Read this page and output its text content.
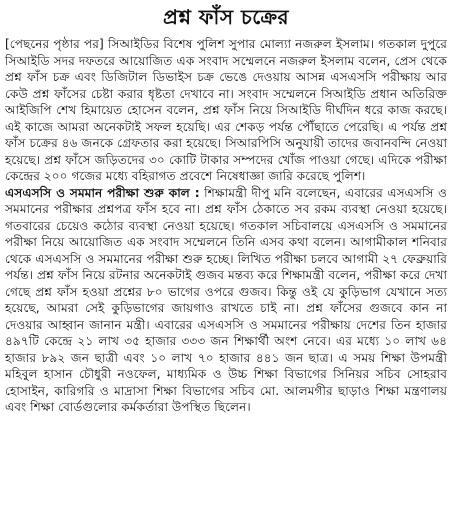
প্রশ্ন ফাঁস চক্রের

[পেছনের পৃষ্ঠার পর] সিআইডির বিশেষ পুলিশ সুপার মোল্যা নজরুল ইসলাম। গতকাল দুপুরে সিআইডি সদর দফতরে আয়োজিত এক সংবাদ সম্মেলনে নজরুল ইসলাম বলেন, প্রেস থেকে প্রশ্ন ফাঁস চক্র এবং ডিজিটাল ডিভাইস চক্র ভেঙে দেওয়ায় আসন্ন এসএসসি পরীক্ষায় আর কেউ প্রশ্ন ফাঁসের চেষ্টা করার ধৃষ্টতা দেখাবে না। সংবাদ সম্মেলনে সিআইডি প্রধান অতিরিক্ত আইজিপি শেখ হিমায়েত হোসেন বলেন, প্রশ্ন ফাঁস নিয়ে সিআইডি দীর্ঘদিন ধরে কাজ করছে। এই কাজে আমরা অনেকটাই সফল হয়েছি। এর শেকড় পর্যন্ত পৌঁছাতে পেরেছি। এ পর্যন্ত প্রশ্ন ফাঁস চক্রের ৪৬ জনকে গ্রেফতার করা হয়েছে। সিআরপিসি অনুযায়ী তাদের জবানবন্দি নেওয়া হয়েছে। প্রশ্ন ফাঁসে জড়িতদের ৩০ কোটি টাকার সম্পদের খোঁজ পাওয়া গেছে। এদিকে পরীক্ষা কেন্দ্রের ২০০ গজের মধ্যে বহিরাগত প্রবেশে নিষেধাজ্ঞা জারি করেছে পুলিশ।

এসএসসি ও সমমান পরীক্ষা শুরু কাল : শিক্ষামন্ত্রী দীপু মনি বলেছেন, এবারের এসএসসি ও সমমানের পরীক্ষার প্রশ্নপত্র ফাঁস হবে না। প্রশ্ন ফাঁস ঠেকাতে সব রকম ব্যবস্থা নেওয়া হয়েছে। গতবারের চেয়েও কঠোর ব্যবস্থা নেওয়া হয়েছে। গতকাল সচিবালয়ে এসএসসি ও সমমানের পরীক্ষা নিয়ে আয়োজিত এক সংবাদ সম্মেলনে তিনি এসব কথা বলেন। আগামীকাল শনিবার থেকে এসএসসি ও সমমানের পরীক্ষা শুরু হচ্ছে। লিখিত পরীক্ষা চলবে আগামী ২৭ ফেব্রুয়ারি পর্যন্ত। প্রশ্ন ফাঁস নিয়ে রটনার অনেকটাই গুজব মন্তব্য করে শিক্ষামন্ত্রী বলেন, পরীক্ষা করে দেখা গেছে প্রশ্ন ফাঁস হওয়া প্রশ্নের ৮০ ভাগের ওপরে গুজব। কিন্তু ওই যে কুড়িভাগ যেখানে সত্য হয়েছে, আমরা সেই কুড়িভাগের জায়গাও রাখতে চাই না। প্রশ্ন ফাঁসের গুজবে কান না দেওয়ার আহ্বান জানান মন্ত্রী। এবারের এসএসসি ও সমমানের পরীক্ষায় দেশের তিন হাজার ৪৯৭টি কেন্দ্রে ২১ লাখ ৩৫ হাজার ৩৩৩ জন শিক্ষার্থী অংশ নেবে। এর মধ্যে ১০ লাখ ৬৪ হাজার ৮৯২ জন ছাত্রী এবং ১০ লাখ ৭০ হাজার ৪৪১ জন ছাত্র। এ সময় শিক্ষা উপমন্ত্রী মহিবুল হাসান চৌধুরী নওফেল, মাধ্যমিক ও উচ্চ শিক্ষা বিভাগের সিনিয়র সচিব সোহরাব হোসাইন, কারিগরি ও মাদ্রাসা শিক্ষা বিভাগের সচিব মো. আলমগীর ছাড়াও শিক্ষা মন্ত্রণালয় এবং শিক্ষা বোর্ডগুলোর কর্মকর্তারা উপস্থিত ছিলেন।
